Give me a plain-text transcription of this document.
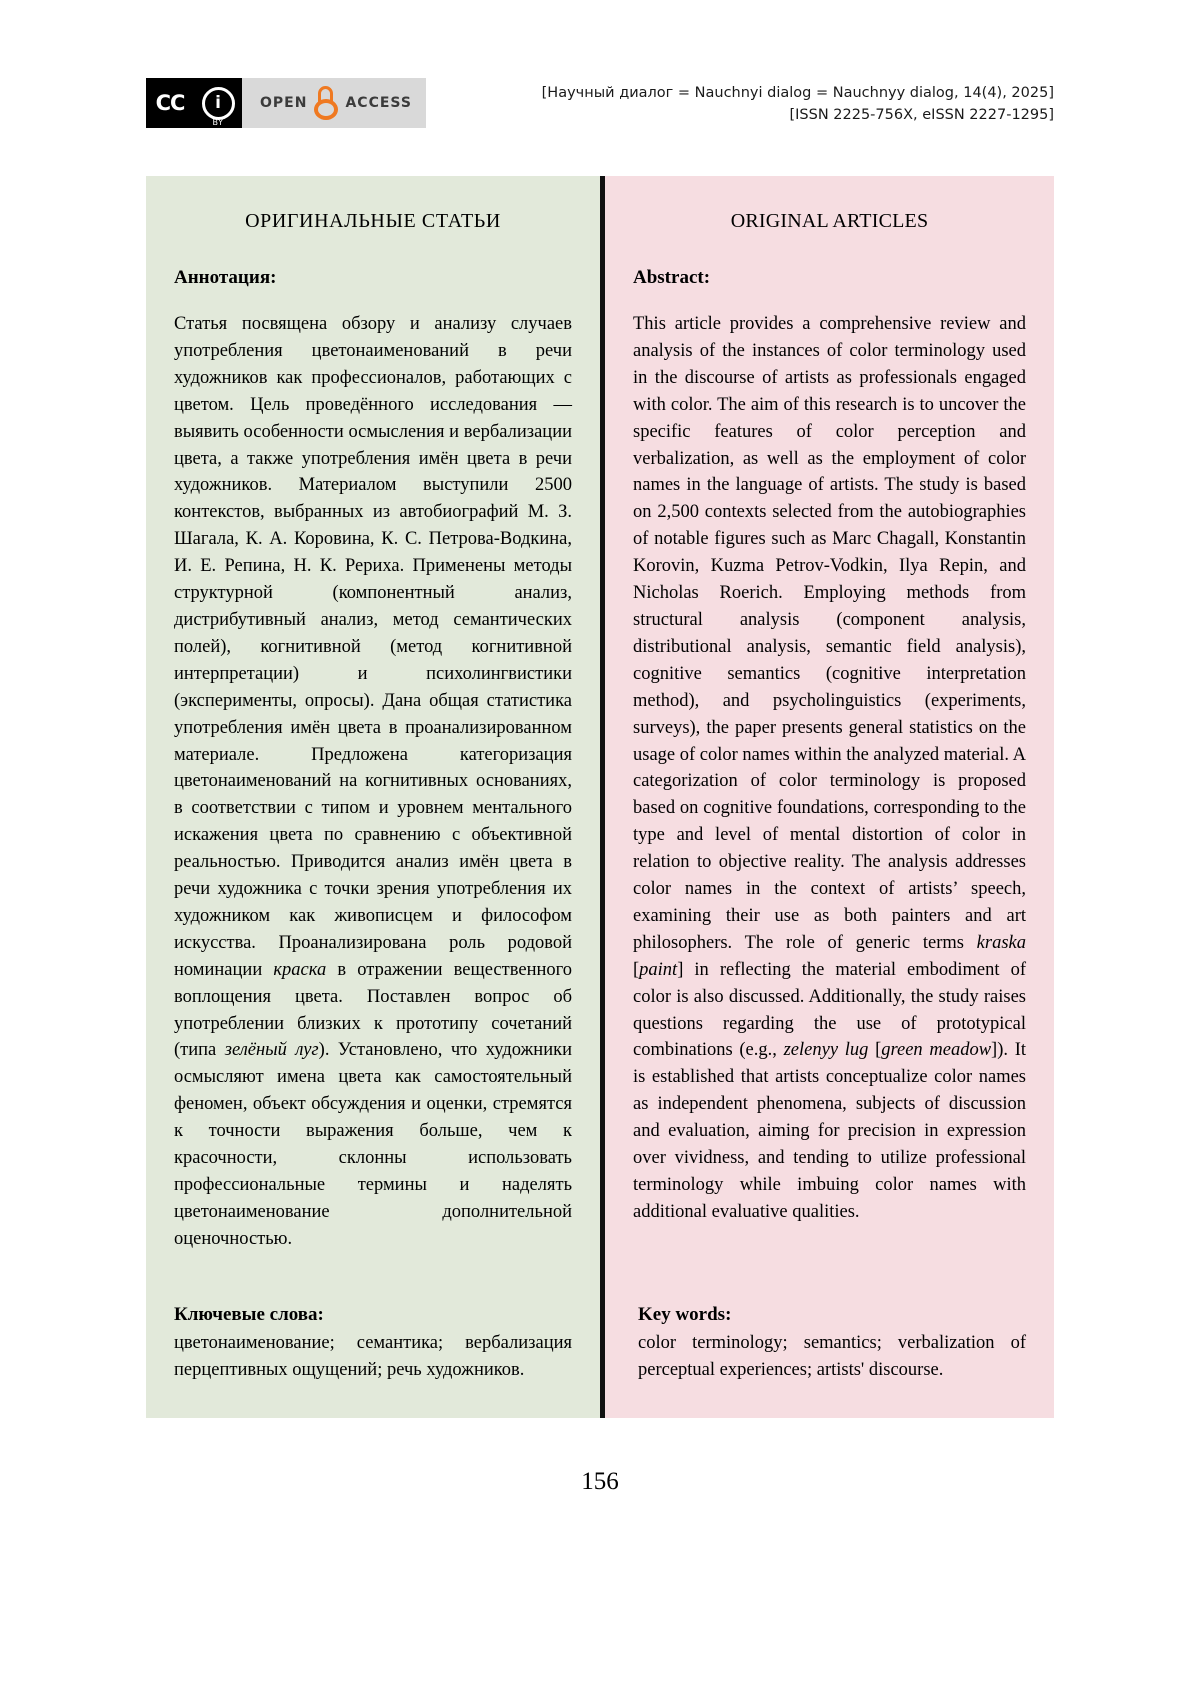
CC	i
BY
OPEN	ACCESS
[Научный диалог = Nauchnyi dialog = Nauchnyy dialog, 14(4), 2025]
[ISSN 2225-756X, eISSN 2227-1295]
ОРИГИНАЛЬНЫЕ СТАТЬИ
Аннотация:
Статья посвящена обзору и анализу случаев употребления цветонаименований в речи художников как профессионалов, работающих с цветом. Цель проведённого исследования — выявить особенности осмысления и вербализации цвета, а также употребления имён цвета в речи художников. Материалом выступили 2500 контекстов, выбранных из автобиографий М. З. Шагала, К. А. Коровина, К. С. Петрова-Водкина, И. Е. Репина, Н. К. Рериха. Применены методы структурной (компонентный анализ, дистрибутивный анализ, метод семантических полей), когнитивной (метод когнитивной интерпретации) и психолингвистики (эксперименты, опросы). Дана общая статистика употребления имён цвета в проанализированном материале. Предложена категоризация цветонаименований на когнитивных основаниях, в соответствии с типом и уровнем ментального искажения цвета по сравнению с объективной реальностью. Приводится анализ имён цвета в речи художника с точки зрения употребления их художником как живописцем и философом искусства. Проанализирована роль родовой номинации краска в отражении вещественного воплощения цвета. Поставлен вопрос об употреблении близких к прототипу сочетаний (типа зелёный луг). Установлено, что художники осмысляют имена цвета как самостоятельный феномен, объект обсуждения и оценки, стремятся к точности выражения больше, чем к красочности, склонны использовать профессиональные термины и наделять цветонаименование дополнительной оценочностью.
Ключевые слова:
цветонаименование; семантика; вербализация перцептивных ощущений; речь художников.
ORIGINAL ARTICLES
Abstract:
This article provides a comprehensive review and analysis of the instances of color terminology used in the discourse of artists as professionals engaged with color. The aim of this research is to uncover the specific features of color perception and verbalization, as well as the employment of color names in the language of artists. The study is based on 2,500 contexts selected from the autobiographies of notable figures such as Marc Chagall, Konstantin Korovin, Kuzma Petrov-Vodkin, Ilya Repin, and Nicholas Roerich. Employing methods from structural analysis (component analysis, distributional analysis, semantic field analysis), cognitive semantics (cognitive interpretation method), and psycholinguistics (experiments, surveys), the paper presents general statistics on the usage of color names within the analyzed material. A categorization of color terminology is proposed based on cognitive foundations, corresponding to the type and level of mental distortion of color in relation to objective reality. The analysis addresses color names in the context of artists’ speech, examining their use as both painters and art philosophers. The role of generic terms kraska [paint] in reflecting the material embodiment of color is also discussed. Additionally, the study raises questions regarding the use of prototypical combinations (e.g., zelenyy lug [green meadow]). It is established that artists conceptualize color names as independent phenomena, subjects of discussion and evaluation, aiming for precision in expression over vividness, and tending to utilize professional terminology while imbuing color names with additional evaluative qualities.
Key words:
color terminology; semantics; verbalization of perceptual experiences; artists' discourse.
156
